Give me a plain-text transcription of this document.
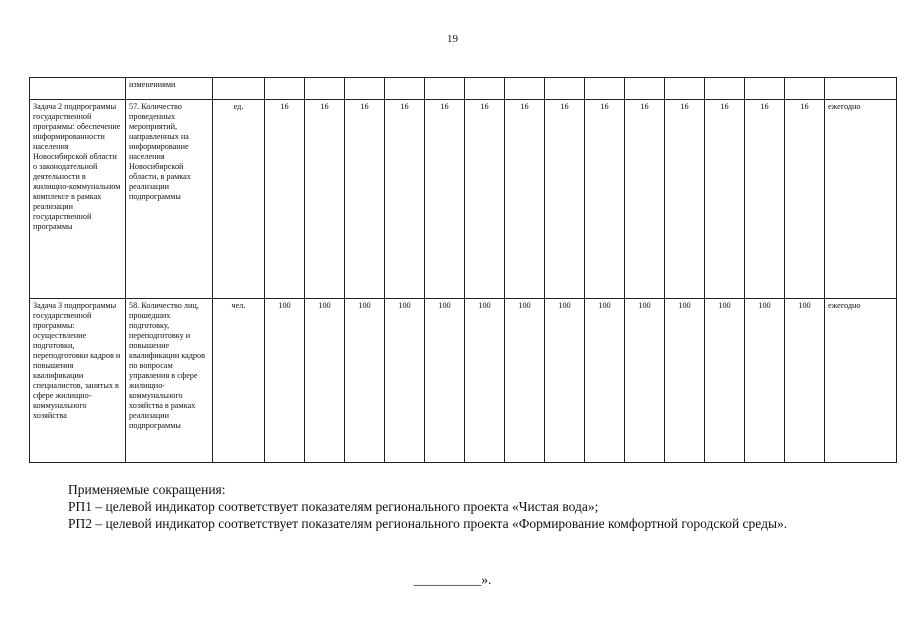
19
	изменениями																
Задача 2 подпрограммы государственной программы: обеспечение информированности населения Новосибирской области о законодательной деятельности в жилищно-коммунальном комплексе в рамках реализации государственной программы	57. Количество проведенных мероприятий, направленных на информирование населения Новосибирской области, в рамках реализации подпрограммы	ед.	16	16	16	16	16	16	16	16	16	16	16	16	16	16	ежегодно
Задача 3 подпрограммы государственной программы: осуществление подготовки, переподготовки кадров и повышения квалификации специалистов, занятых в сфере жилищно-коммунального хозяйства	58. Количество лиц, прошедших подготовку, переподготовку и повышение квалификации кадров по вопросам управления в сфере жилищно-коммунального хозяйства в рамках реализации подпрограммы	чел.	100	100	100	100	100	100	100	100	100	100	100	100	100	100	ежегодно

Применяемые сокращения:

РП1 – целевой индикатор соответствует показателям регионального проекта «Чистая вода»;

РП2 – целевой индикатор соответствует показателям регионального проекта «Формирование комфортной городской среды».

__________».
